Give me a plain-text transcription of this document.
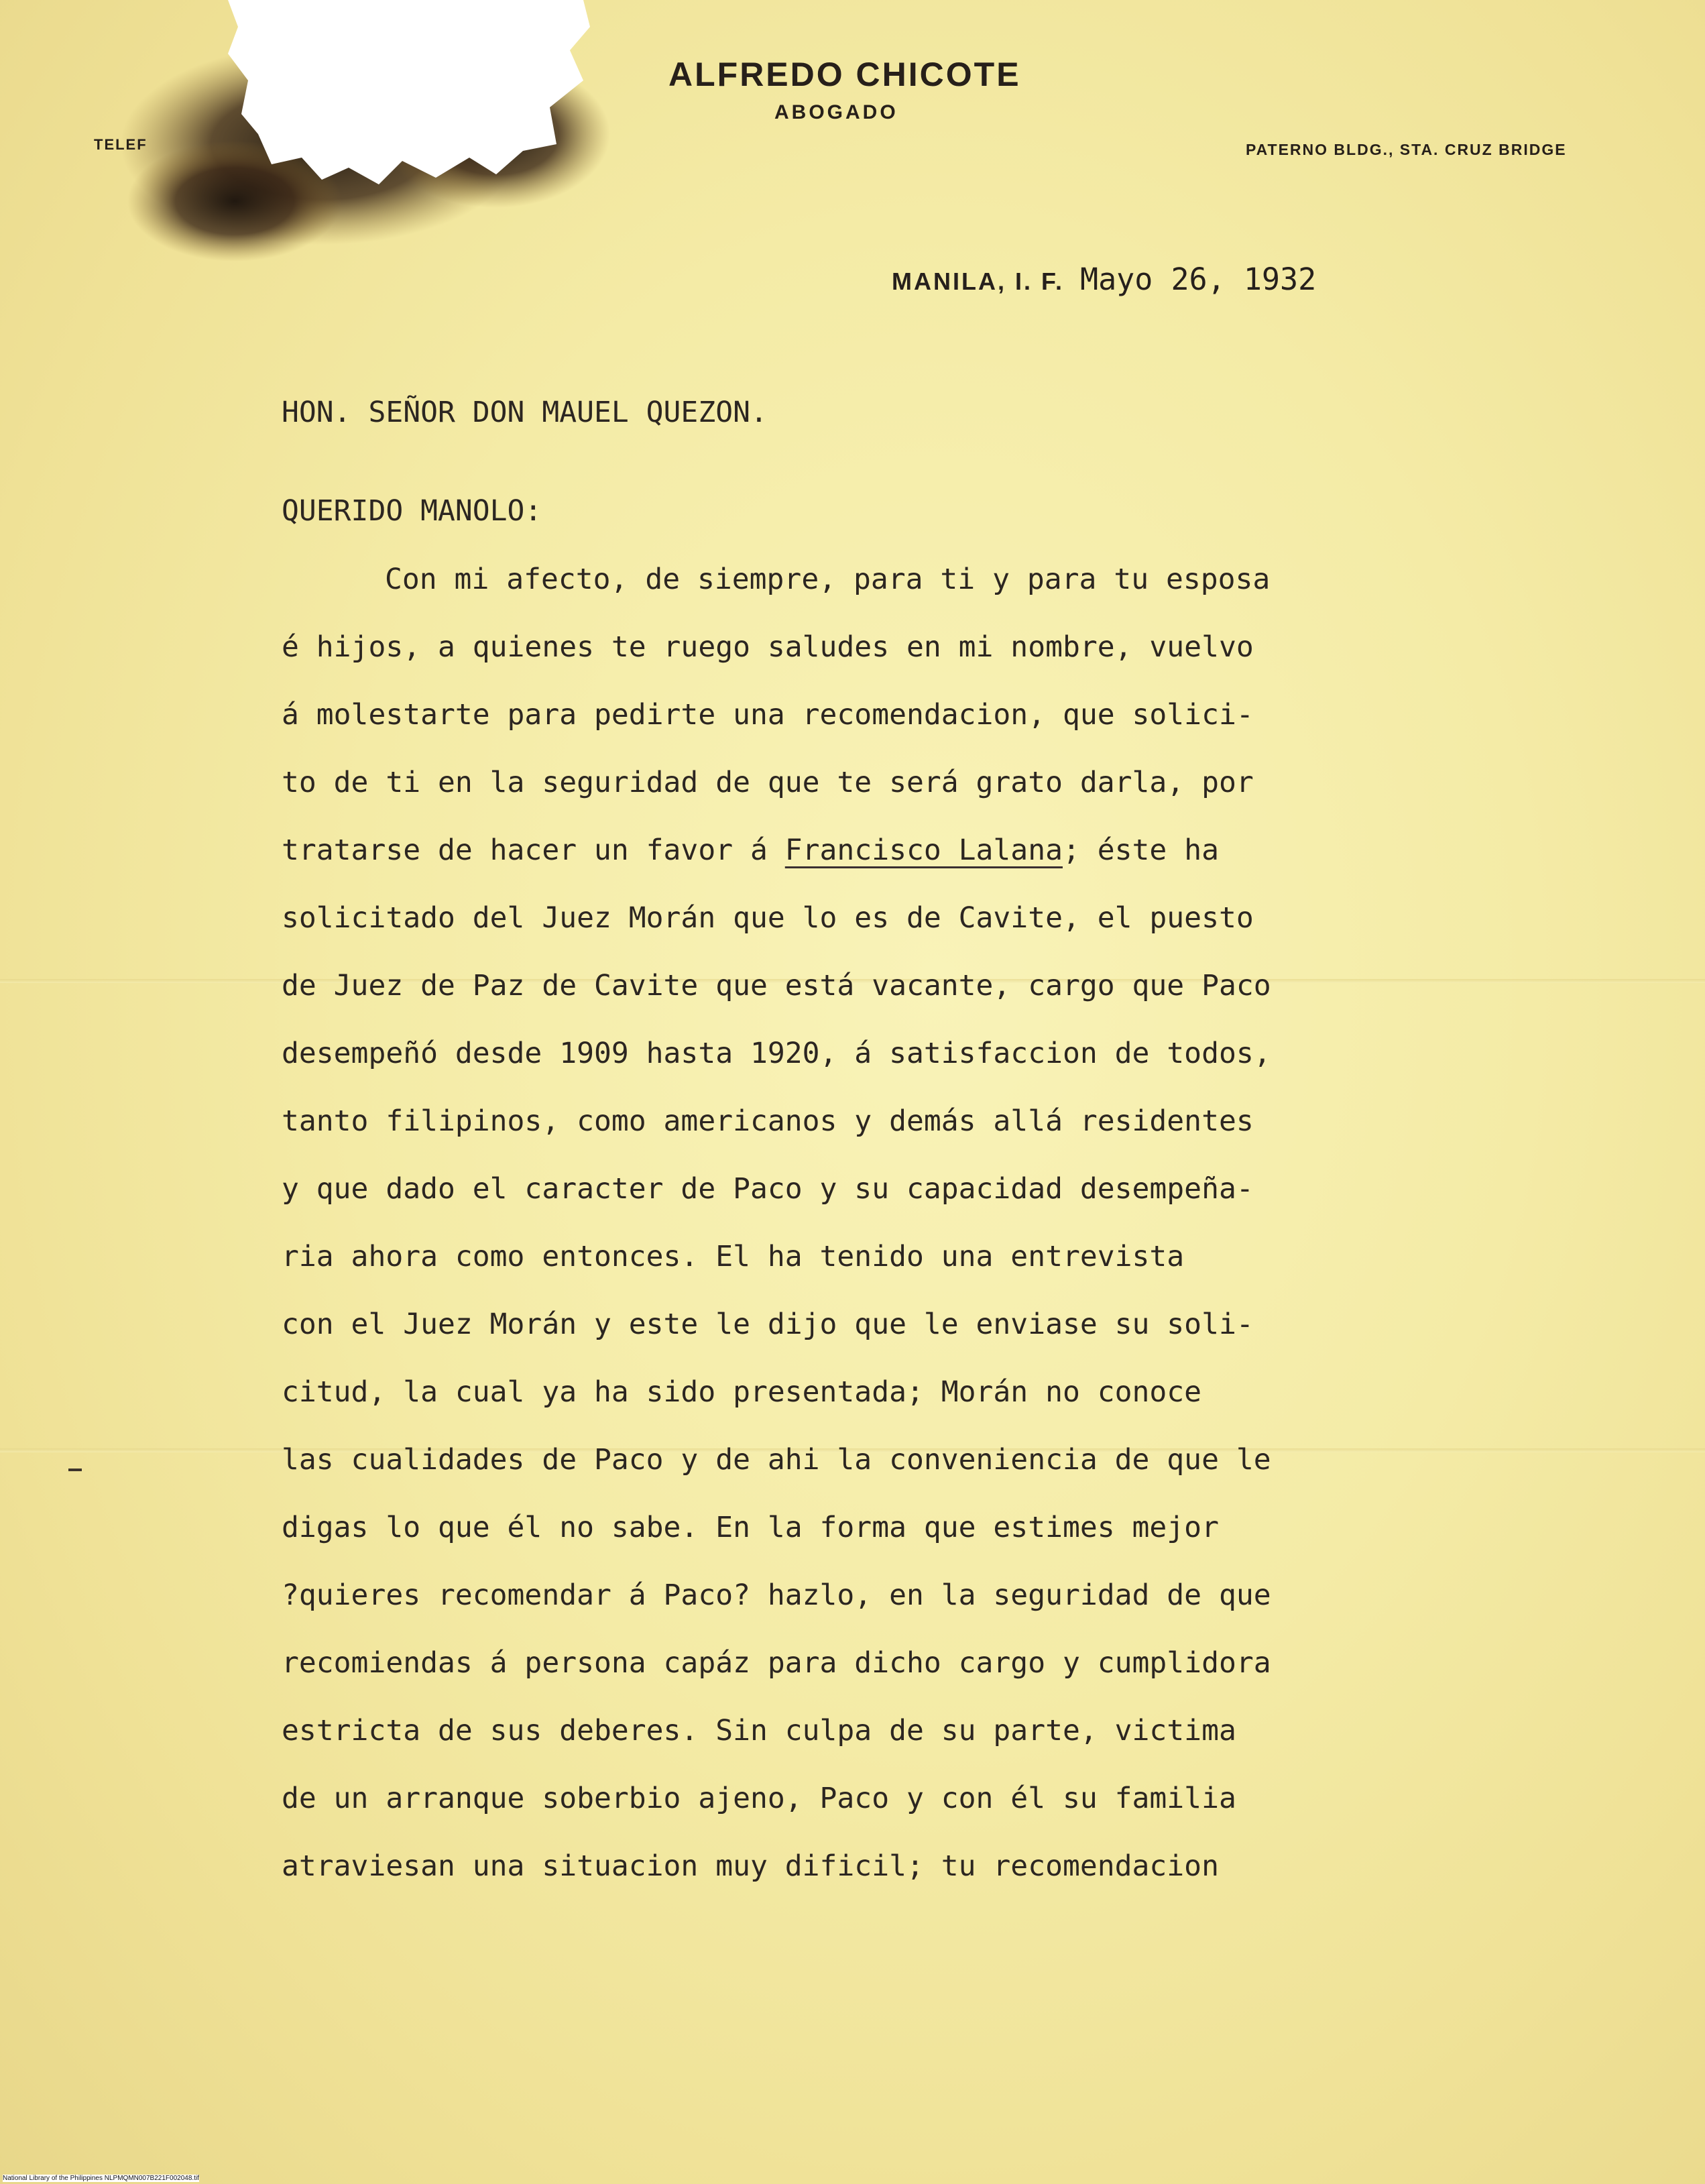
ALFREDO CHICOTE
ABOGADO
TELEF	PATERNO BLDG., STA. CRUZ BRIDGE
MANILA, I. F. Mayo 26, 1932
HON. SEÑOR DON MAUEL QUEZON.
QUERIDO MANOLO:
Con mi afecto, de siempre, para ti y para tu esposa
é hijos, a quienes te ruego saludes en mi nombre, vuelvo
á molestarte para pedirte una recomendacion, que solici-
to de ti en la seguridad de que te será grato darla, por
tratarse de hacer un favor á Francisco Lalana; éste ha
solicitado del Juez Morán que lo es de Cavite, el puesto
de Juez de Paz de Cavite que está vacante, cargo que Paco
desempeñó desde 1909 hasta 1920, á satisfaccion de todos,
tanto filipinos, como americanos y demás allá residentes
y que dado el caracter de Paco y su capacidad desempeña-
ria ahora como entonces. El ha tenido una entrevista
con el Juez Morán y este le dijo que le enviase su soli-
citud, la cual ya ha sido presentada; Morán no conoce
las cualidades de Paco y de ahi la conveniencia de que le
digas lo que él no sabe. En la forma que estimes mejor
?quieres recomendar á Paco? hazlo, en la seguridad de que
recomiendas á persona capáz para dicho cargo y cumplidora
estricta de sus deberes. Sin culpa de su parte, victima
de un arranque soberbio ajeno, Paco y con él su familia
atraviesan una situacion muy dificil; tu recomendacion
National Library of the Philippines NLPMQMN007B221F002048.tif
